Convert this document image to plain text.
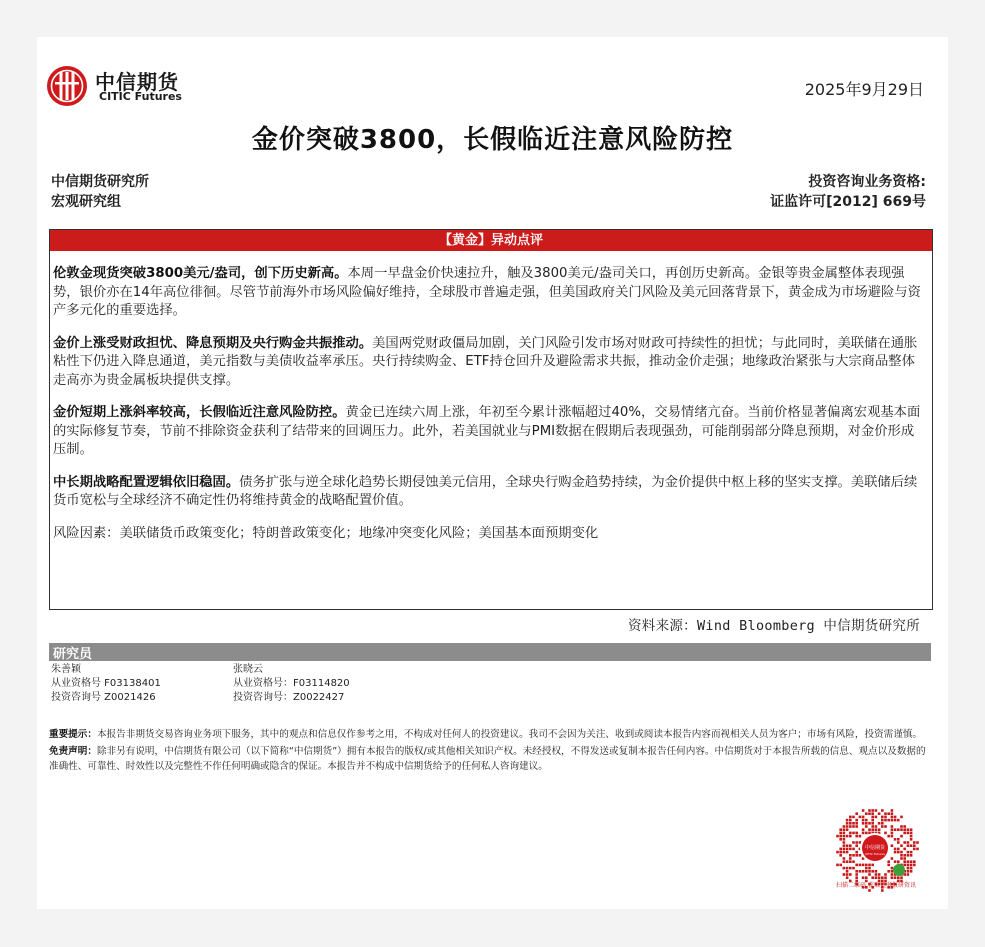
中信期货
CITIC Futures	2025年9月29日
金价突破3800，长假临近注意风险防控
中信期货研究所
宏观研究组
投资咨询业务资格:
证监许可[2012] 669号
【黄金】异动点评

伦敦金现货突破3800美元/盎司，创下历史新高。本周一早盘金价快速拉升，触及3800美元/盎司关口，再创历史新高。金银等贵金属整体表现强势，银价亦在14年高位徘徊。尽管节前海外市场风险偏好维持，全球股市普遍走强，但美国政府关门风险及美元回落背景下，黄金成为市场避险与资产多元化的重要选择。

金价上涨受财政担忧、降息预期及央行购金共振推动。美国两党财政僵局加剧，关门风险引发市场对财政可持续性的担忧；与此同时，美联储在通胀粘性下仍进入降息通道，美元指数与美债收益率承压。央行持续购金、ETF持仓回升及避险需求共振，推动金价走强；地缘政治紧张与大宗商品整体走高亦为贵金属板块提供支撑。

金价短期上涨斜率较高，长假临近注意风险防控。黄金已连续六周上涨，年初至今累计涨幅超过40%，交易情绪亢奋。当前价格显著偏离宏观基本面的实际修复节奏，节前不排除资金获利了结带来的回调压力。此外，若美国就业与PMI数据在假期后表现强劲，可能削弱部分降息预期，对金价形成压制。

中长期战略配置逻辑依旧稳固。债务扩张与逆全球化趋势长期侵蚀美元信用，全球央行购金趋势持续，为金价提供中枢上移的坚实支撑。美联储后续货币宽松与全球经济不确定性仍将维持黄金的战略配置价值。

风险因素：美联储货币政策变化；特朗普政策变化；地缘冲突变化风险；美国基本面预期变化

资料来源：Wind Bloomberg 中信期货研究所
研究员
朱善颖
从业资格号 F03138401
投资咨询号 Z0021426
张晓云
从业资格号：F03114820
投资咨询号：Z0022427

重要提示：本报告非期货交易咨询业务项下服务，其中的观点和信息仅作参考之用，不构成对任何人的投资建议。我司不会因为关注、收到或阅读本报告内容而视相关人员为客户；市场有风险，投资需谨慎。

免责声明：除非另有说明，中信期货有限公司（以下简称“中信期货”）拥有本报告的版权/或其他相关知识产权。未经授权，不得发送或复制本报告任何内容。中信期货对于本报告所载的信息、观点以及数据的准确性、可靠性、时效性以及完整性不作任何明确或隐含的保证。本报告并不构成中信期货给予的任何私人咨询建议。

中信期货
CITIC Futures
扫描二维码 获取更多报研资讯
